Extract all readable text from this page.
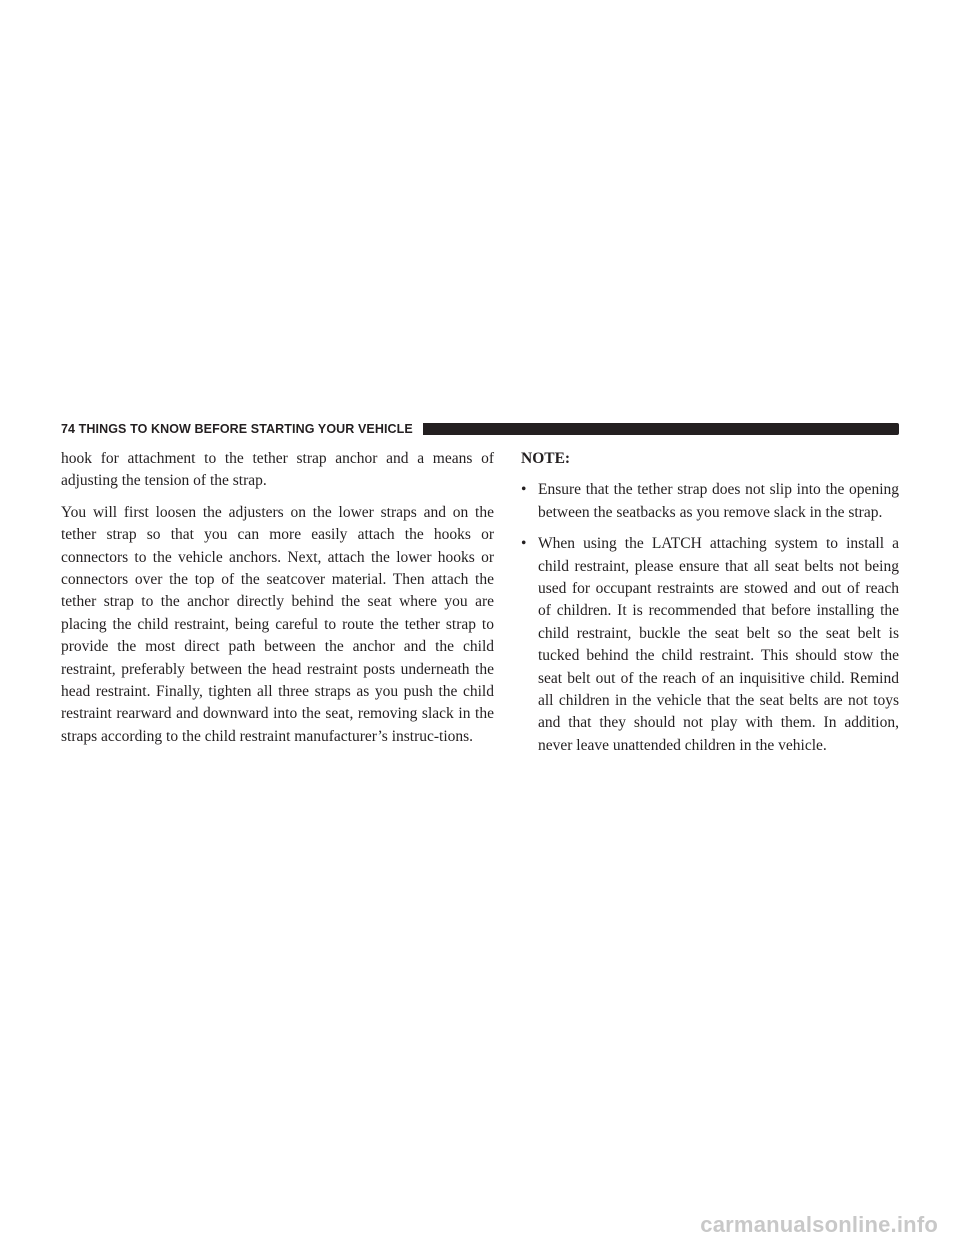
74 THINGS TO KNOW BEFORE STARTING YOUR VEHICLE

hook for attachment to the tether strap anchor and a means of adjusting the tension of the strap.

You will first loosen the adjusters on the lower straps and on the tether strap so that you can more easily attach the hooks or connectors to the vehicle anchors. Next, attach the lower hooks or connectors over the top of the seatcover material. Then attach the tether strap to the anchor directly behind the seat where you are placing the child restraint, being careful to route the tether strap to provide the most direct path between the anchor and the child restraint, preferably between the head restraint posts underneath the head restraint. Finally, tighten all three straps as you push the child restraint rearward and downward into the seat, removing slack in the straps according to the child restraint manufacturer’s instruc-tions.

NOTE:

• Ensure that the tether strap does not slip into the opening between the seatbacks as you remove slack in the strap.
• When using the LATCH attaching system to install a child restraint, please ensure that all seat belts not being used for occupant restraints are stowed and out of reach of children. It is recommended that before installing the child restraint, buckle the seat belt so the seat belt is tucked behind the child restraint. This should stow the seat belt out of the reach of an inquisitive child. Remind all children in the vehicle that the seat belts are not toys and that they should not play with them. In addition, never leave unattended children in the vehicle.
carmanualsonline.info
